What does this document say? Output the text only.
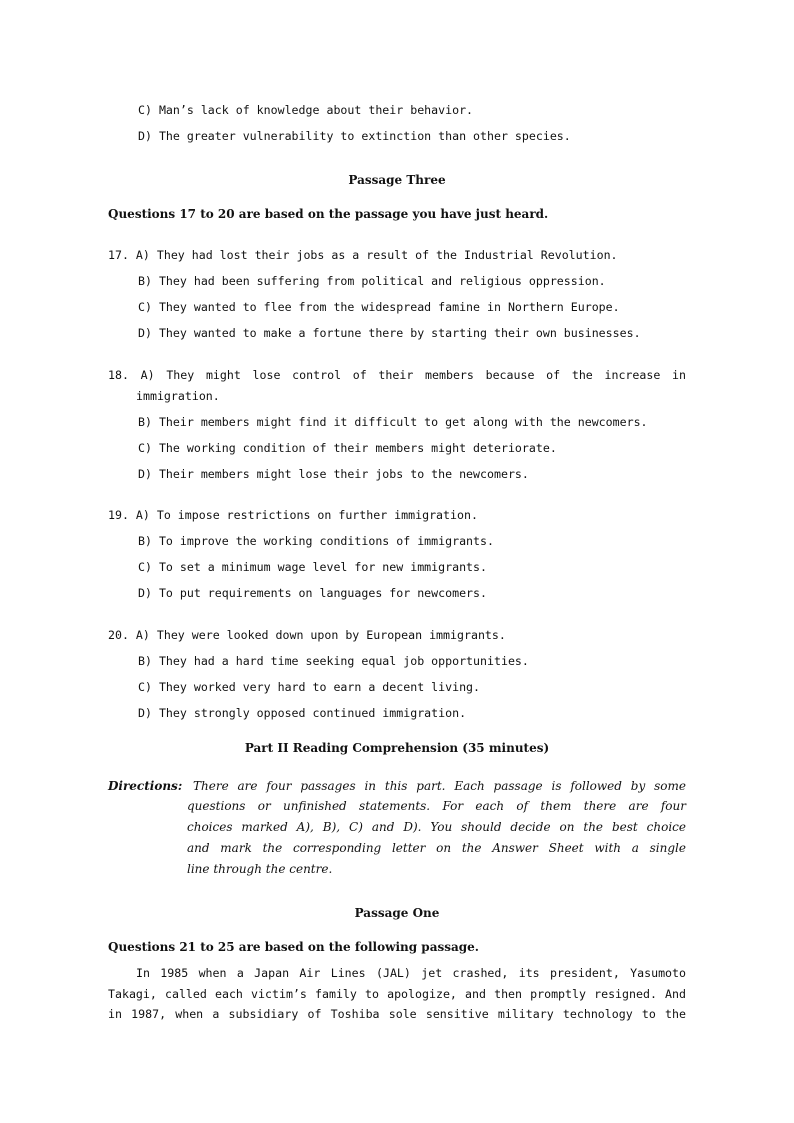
C) Man’s lack of knowledge about their behavior.
D) The greater vulnerability to extinction than other species.
Passage Three
Questions 17 to 20 are based on the passage you have just heard.
17. A) They had lost their jobs as a result of the Industrial Revolution.
B) They had been suffering from political and religious oppression.
C) They wanted to flee from the widespread famine in Northern Europe.
D) They wanted to make a fortune there by starting their own businesses.
18. A) They might lose control of their members because of the increase in
immigration.
B) Their members might find it difficult to get along with the newcomers.
C) The working condition of their members might deteriorate.
D) Their members might lose their jobs to the newcomers.
19. A) To impose restrictions on further immigration.
B) To improve the working conditions of immigrants.
C) To set a minimum wage level for new immigrants.
D) To put requirements on languages for newcomers.
20. A) They were looked down upon by European immigrants.
B) They had a hard time seeking equal job opportunities.
C) They worked very hard to earn a decent living.
D) They strongly opposed continued immigration.
Part II Reading Comprehension (35 minutes)
Directions: There are four passages in this part. Each passage is followed by some
questions or unfinished statements. For each of them there are four
choices marked A), B), C) and D). You should decide on the best choice
and mark the corresponding letter on the Answer Sheet with a single
line through the centre.
Passage One
Questions 21 to 25 are based on the following passage.
In 1985 when a Japan Air Lines (JAL) jet crashed, its president, Yasumoto
Takagi, called each victim’s family to apologize, and then promptly resigned. And
in 1987, when a subsidiary of Toshiba sole sensitive military technology to the
